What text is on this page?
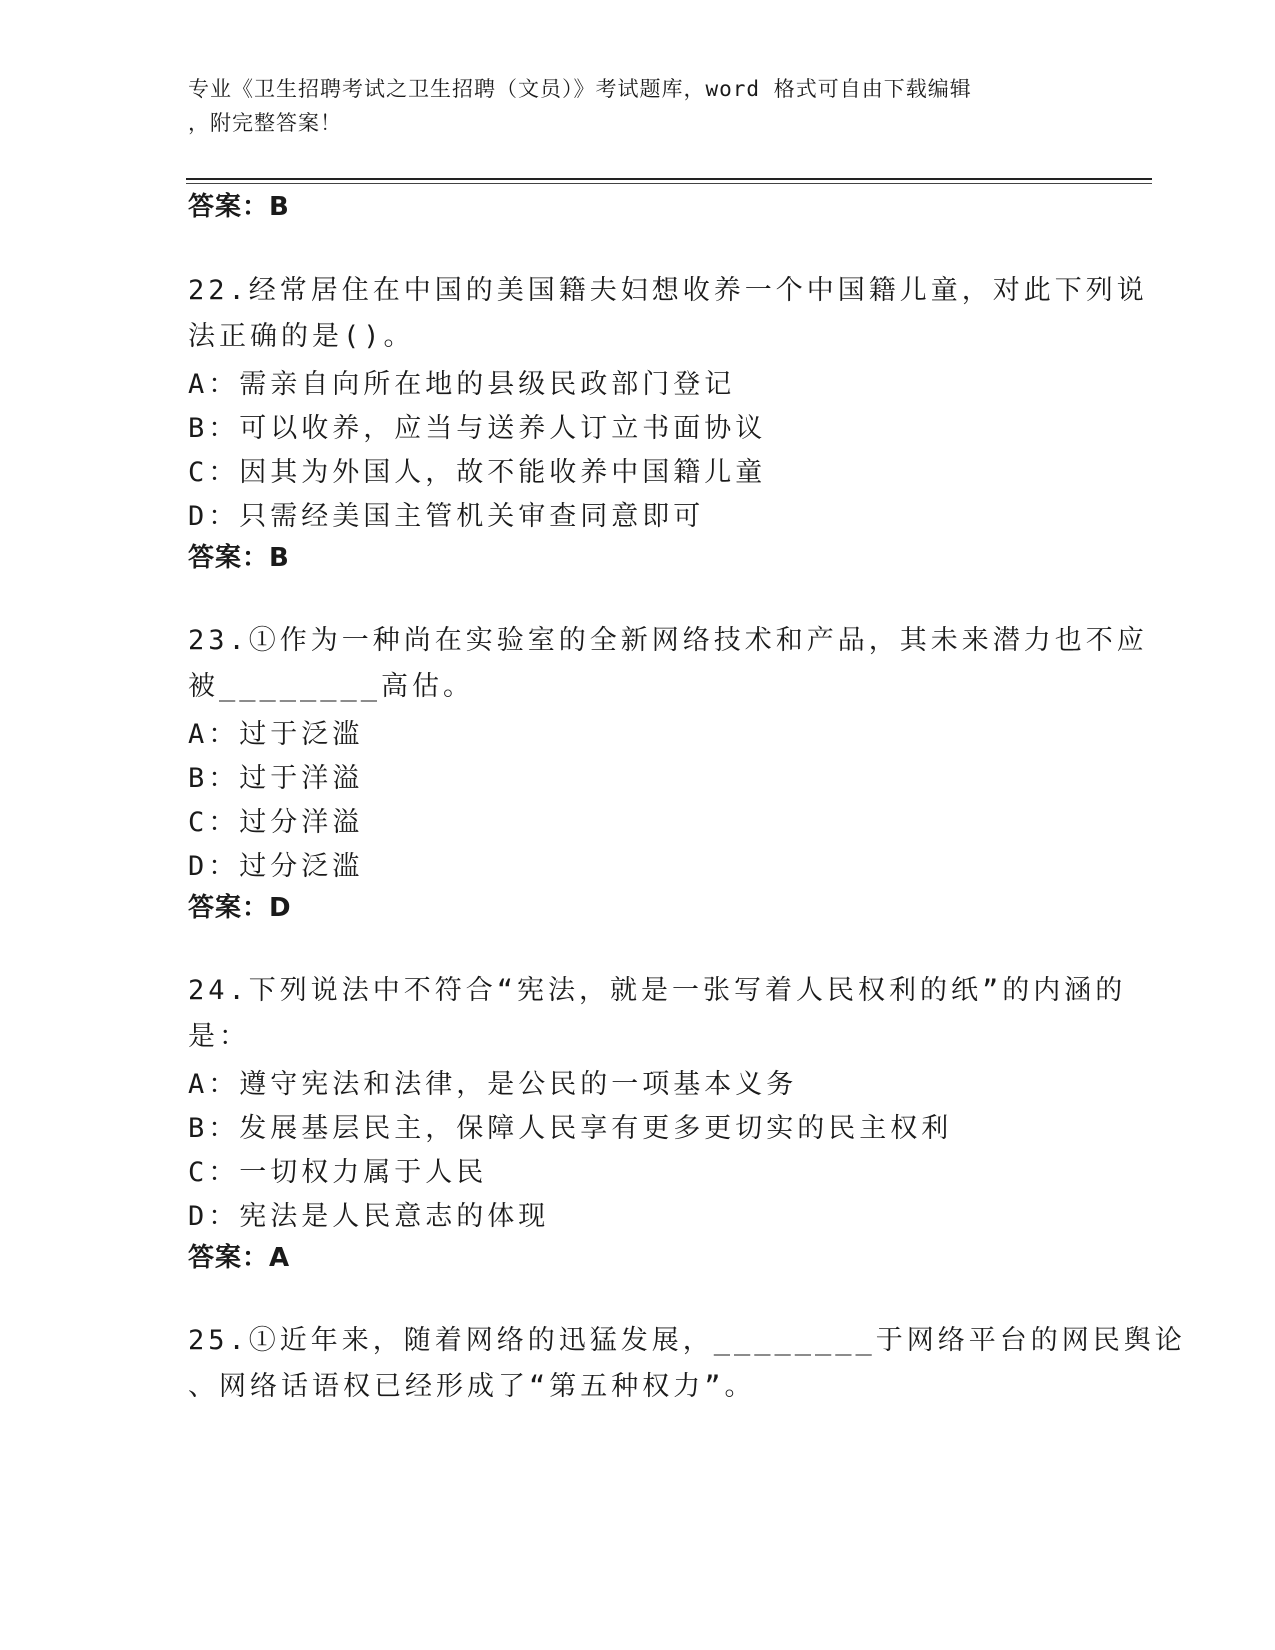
专业《卫生招聘考试之卫生招聘（文员）》考试题库，word 格式可自由下载编辑
，附完整答案！
答案：B
22.经常居住在中国的美国籍夫妇想收养一个中国籍儿童，对此下列说
法正确的是()。
A：需亲自向所在地的县级民政部门登记
B：可以收养，应当与送养人订立书面协议
C：因其为外国人，故不能收养中国籍儿童
D：只需经美国主管机关审查同意即可
答案：B
23.①作为一种尚在实验室的全新网络技术和产品，其未来潜力也不应
被________高估。
A：过于泛滥
B：过于洋溢
C：过分洋溢
D：过分泛滥
答案：D
24.下列说法中不符合“宪法，就是一张写着人民权利的纸”的内涵的
是：
A：遵守宪法和法律，是公民的一项基本义务
B：发展基层民主，保障人民享有更多更切实的民主权利
C：一切权力属于人民
D：宪法是人民意志的体现
答案：A
25.①近年来，随着网络的迅猛发展，________于网络平台的网民舆论
、网络话语权已经形成了“第五种权力”。
